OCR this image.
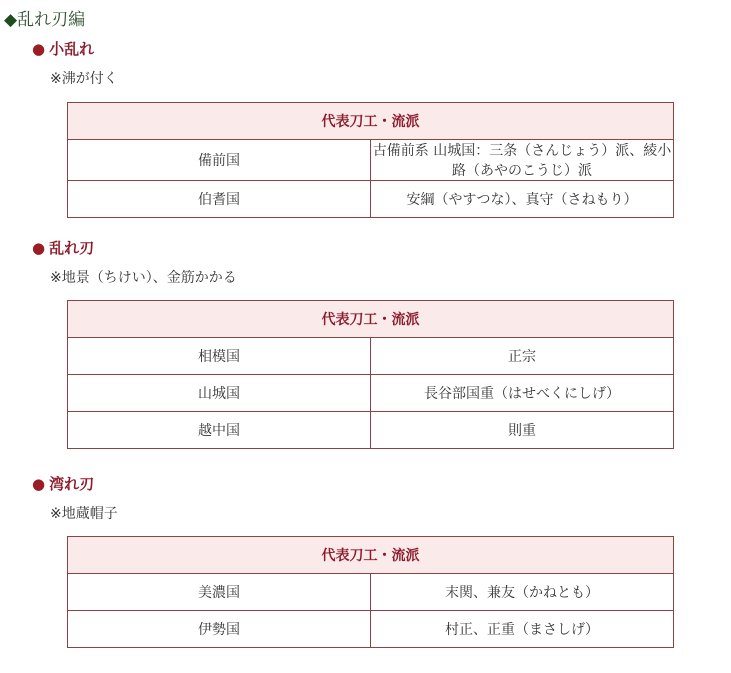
◆乱れ刃編
● 小乱れ
※沸が付く
代表刀工・流派	
備前国	古備前系 山城国：三条（さんじょう）派、綾小路（あやのこうじ）派
伯耆国	安綱（やすつな）、真守（さねもり）
● 乱れ刃
※地景（ちけい）、金筋かかる
代表刀工・流派	
相模国	正宗
山城国	長谷部国重（はせべくにしげ）
越中国	則重
● 湾れ刃
※地蔵帽子
代表刀工・流派	
美濃国	末関、兼友（かねとも）
伊勢国	村正、正重（まさしげ）
